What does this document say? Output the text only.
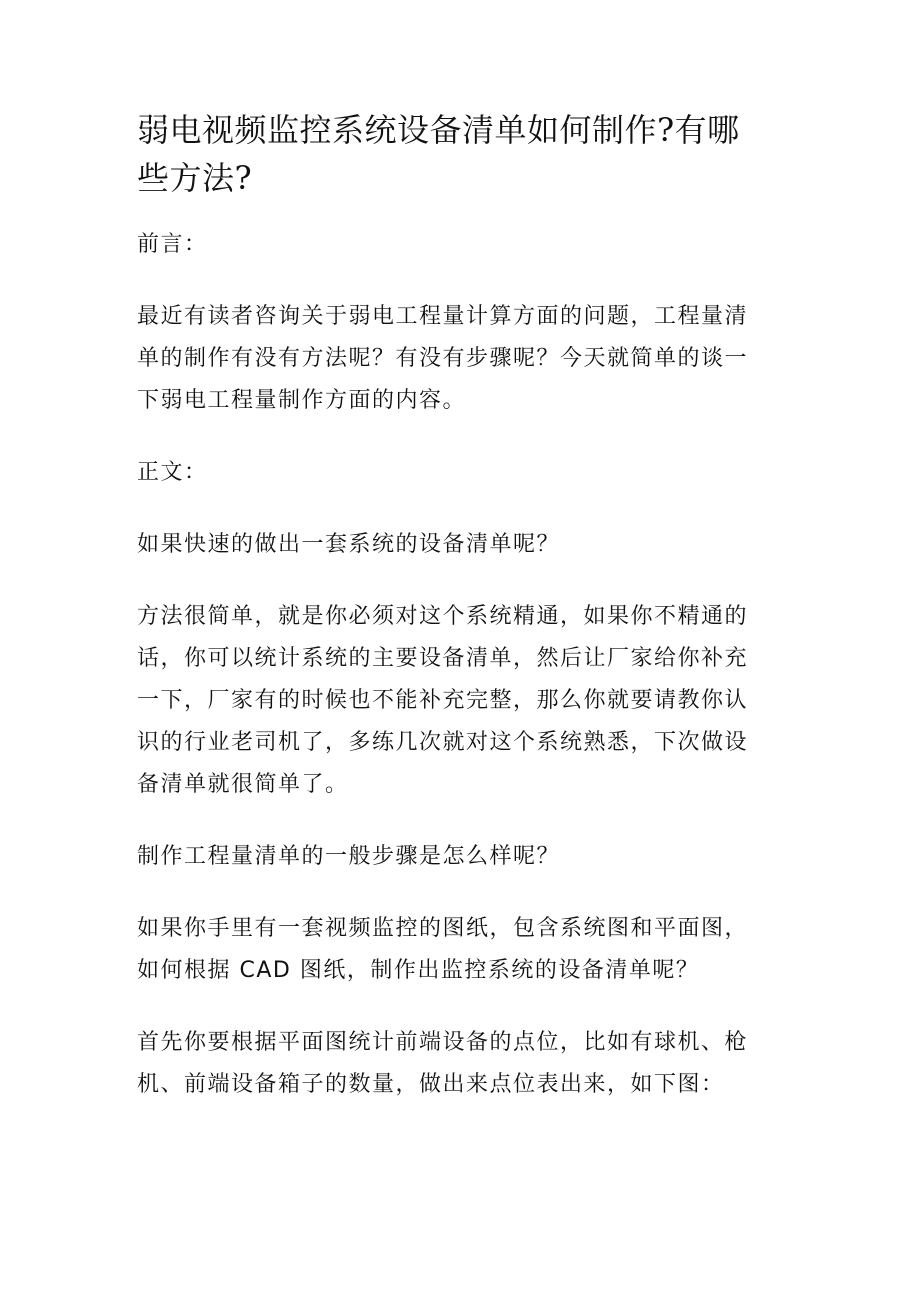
弱电视频监控系统设备清单如何制作?有哪
些方法?

前言：

最近有读者咨询关于弱电工程量计算方面的问题，工程量清
单的制作有没有方法呢？有没有步骤呢？今天就简单的谈一
下弱电工程量制作方面的内容。

正文：

如果快速的做出一套系统的设备清单呢？

方法很简单，就是你必须对这个系统精通，如果你不精通的
话，你可以统计系统的主要设备清单，然后让厂家给你补充
一下，厂家有的时候也不能补充完整，那么你就要请教你认
识的行业老司机了，多练几次就对这个系统熟悉，下次做设
备清单就很简单了。

制作工程量清单的一般步骤是怎么样呢？

如果你手里有一套视频监控的图纸，包含系统图和平面图，
如何根据 CAD 图纸，制作出监控系统的设备清单呢？

首先你要根据平面图统计前端设备的点位，比如有球机、枪
机、前端设备箱子的数量，做出来点位表出来，如下图：
